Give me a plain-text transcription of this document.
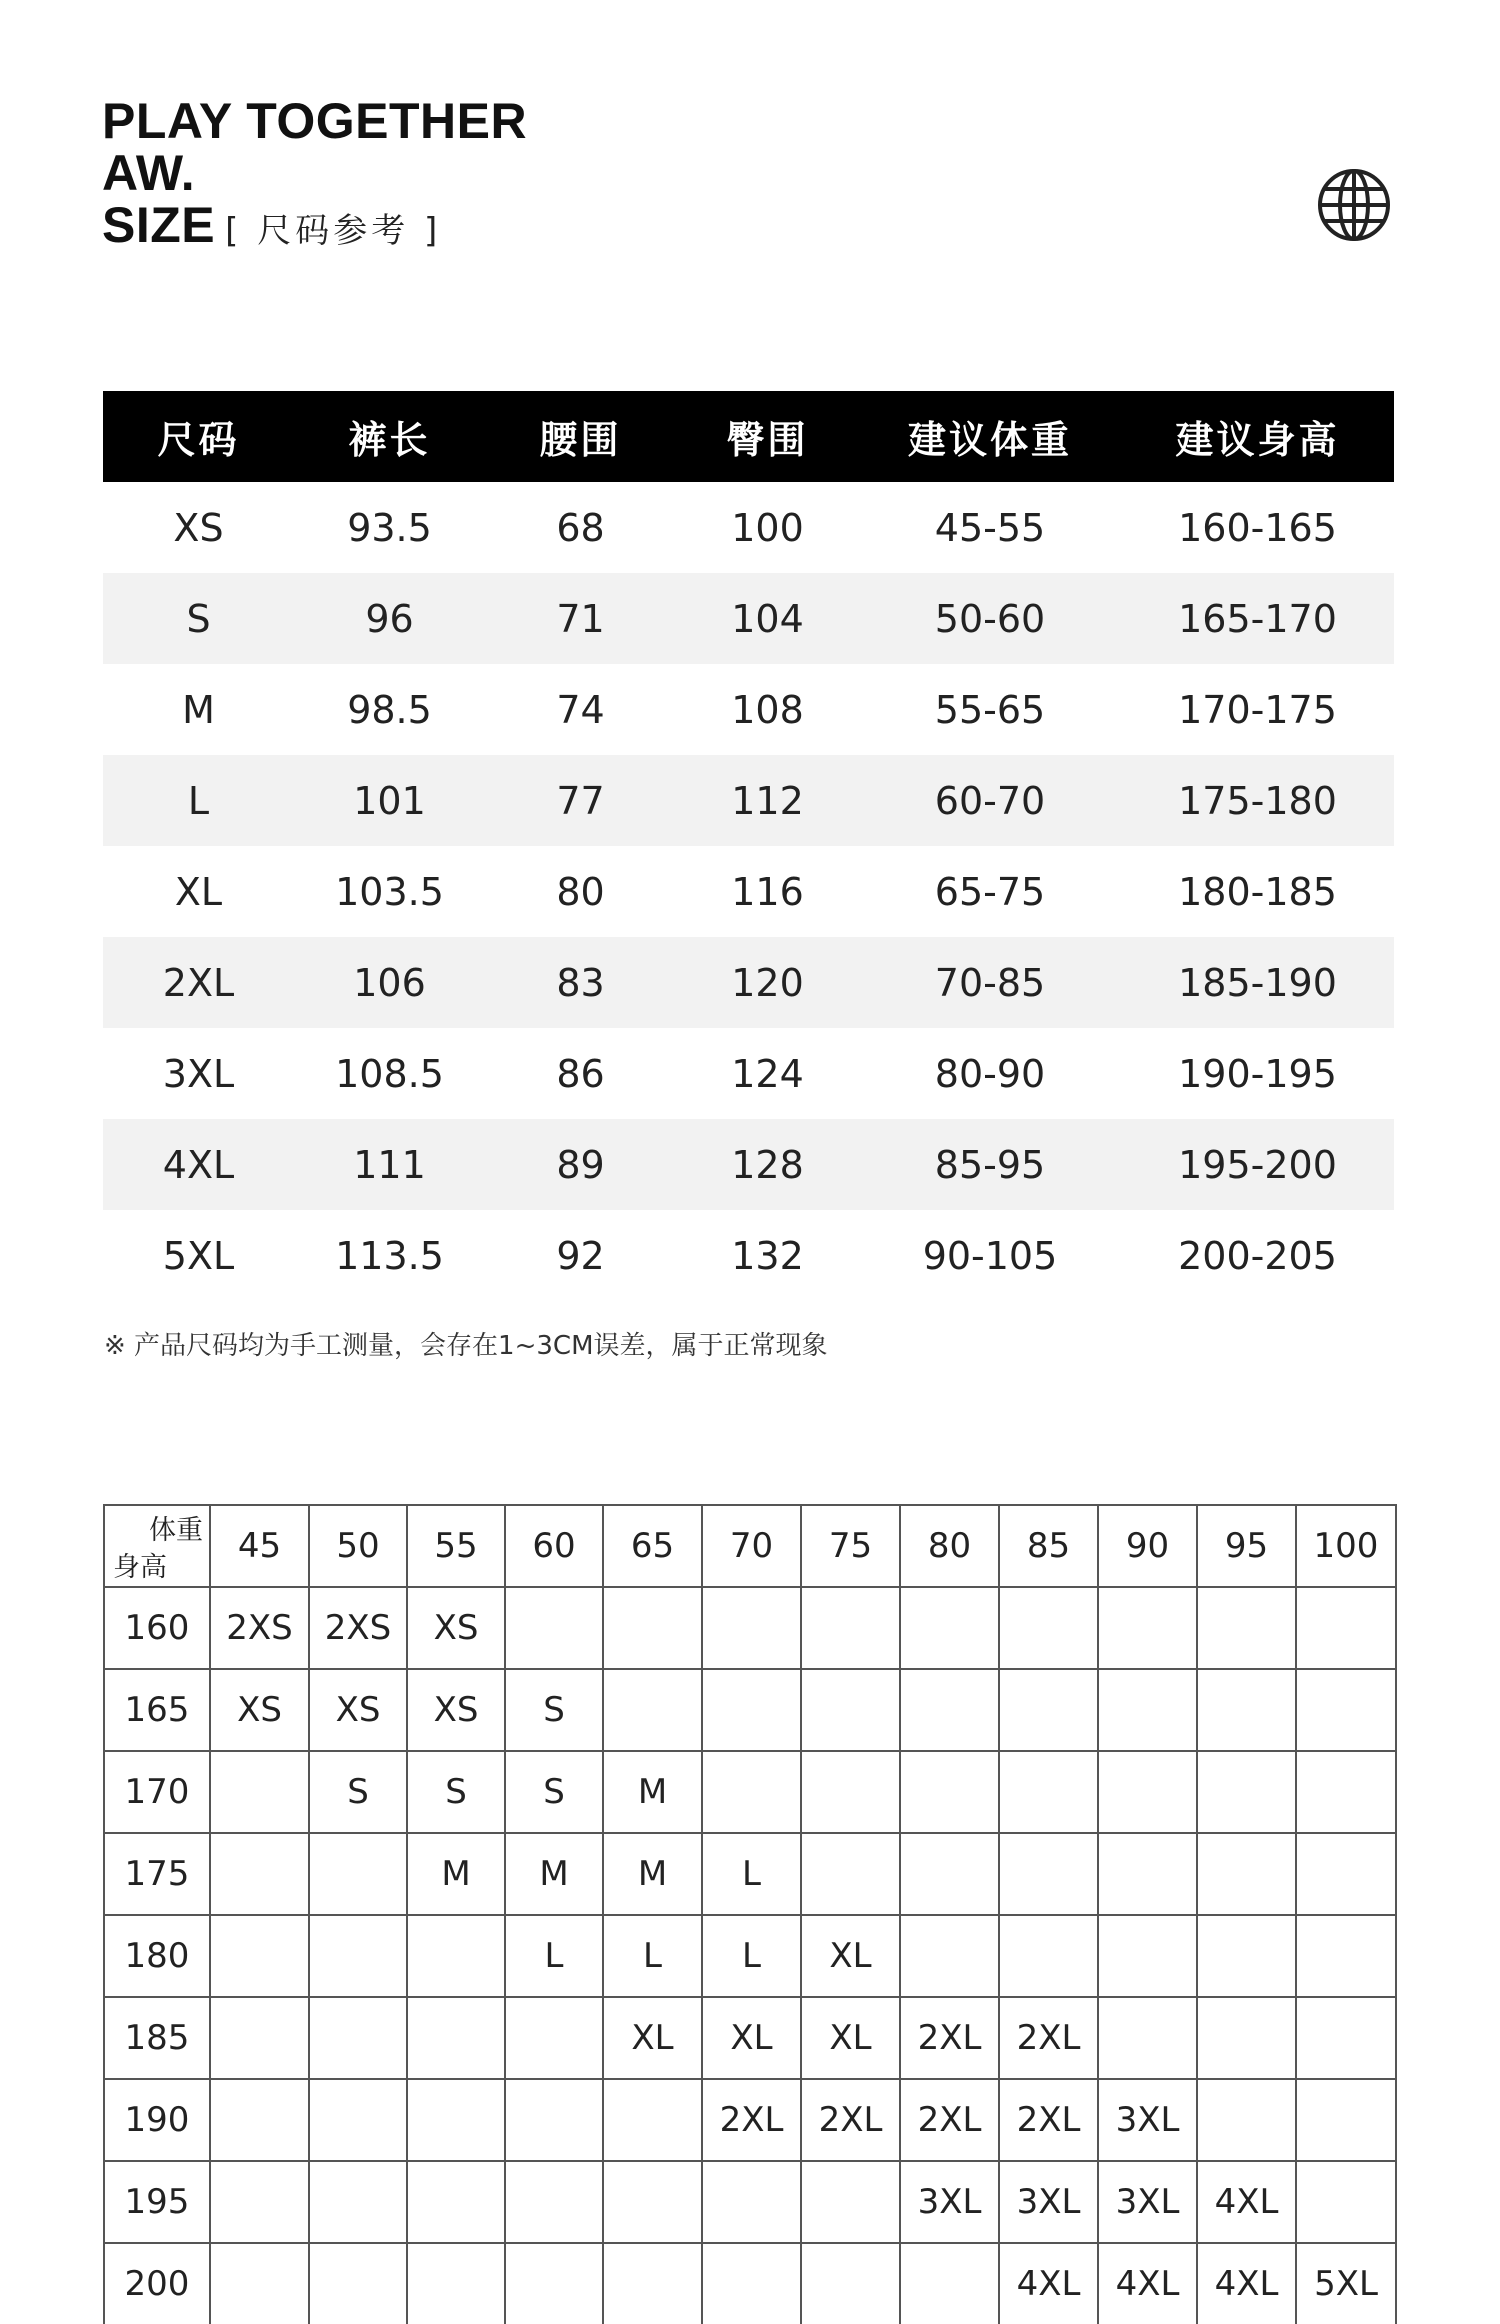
PLAY TOGETHER
AW.
SIZE [ 尺码参考 ]
尺码	裤长	腰围	臀围	建议体重	建议身高
XS	93.5	68	100	45-55	160-165
S	96	71	104	50-60	165-170
M	98.5	74	108	55-65	170-175
L	101	77	112	60-70	175-180
XL	103.5	80	116	65-75	180-185
2XL	106	83	120	70-85	185-190
3XL	108.5	86	124	80-90	190-195
4XL	111	89	128	85-95	195-200
5XL	113.5	92	132	90-105	200-205
※ 产品尺码均为手工测量，会存在1~3CM误差，属于正常现象
体重
身高	45	50	55	60	65	70	75	80	85	90	95	100
160	2XS	2XS	XS									
165	XS	XS	XS	S								
170		S	S	S	M							
175			M	M	M	L						
180				L	L	L	XL					
185					XL	XL	XL	2XL	2XL			
190						2XL	2XL	2XL	2XL	3XL		
195								3XL	3XL	3XL	4XL	
200									4XL	4XL	4XL	5XL
